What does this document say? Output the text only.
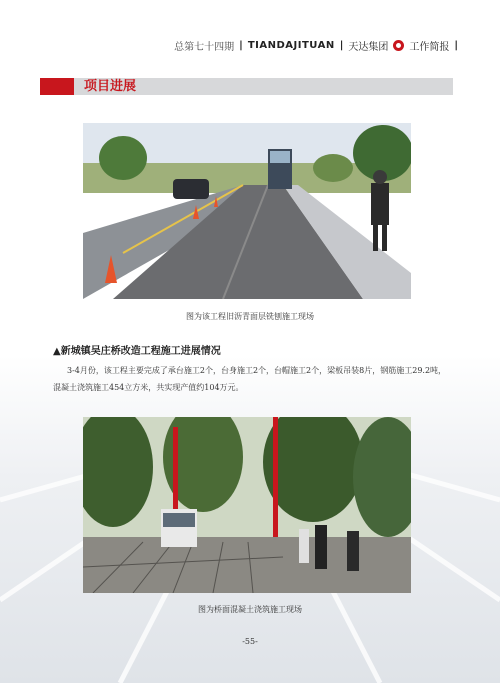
总第七十四期 | TIANDAJITUAN | 天达集团 工作简报 |
项目进展
图为该工程旧沥青面层铣刨施工现场
▲新城镇吴庄桥改造工程施工进展情况

3-4月份，该工程主要完成了承台施工2个，台身施工2个，台帽施工2个，梁板吊装8片，钢筋施工29.2吨，混凝土浇筑施工454立方米，共实现产值约104万元。

图为桥面混凝土浇筑施工现场
-55-
